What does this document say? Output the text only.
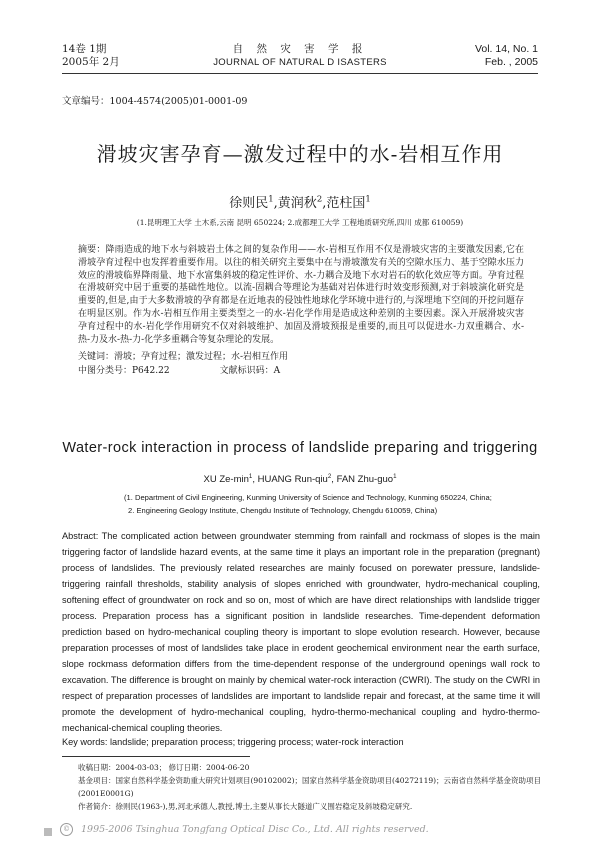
14卷 1期
2005年 2月
自 然 灾 害 学 报
JOURNAL OF NATURAL D ISASTERS
Vol. 14, No. 1
Feb. , 2005
文章编号：1004-4574(2005)01-0001-09
滑坡灾害孕育—激发过程中的水-岩相互作用
徐则民$^1$,黄润秋$^2$,范柱国$^1$
(1.昆明理工大学 土木系,云南 昆明 650224; 2.成都理工大学 工程地质研究所,四川 成都 610059)
摘要：降雨造成的地下水与斜坡岩土体之间的复杂作用——水-岩相互作用不仅是滑坡灾害的主要激发因素,它在滑坡孕育过程中也发挥着重要作用。以往的相关研究主要集中在与滑坡激发有关的空隙水压力、基于空隙水压力效应的滑坡临界降雨量、地下水富集斜坡的稳定性评价、水-力耦合及地下水对岩石的软化效应等方面。孕育过程在滑坡研究中居于重要的基础性地位。以流-固耦合等理论为基础对岩体进行时效变形预测,对于斜坡演化研究是重要的,但是,由于大多数滑坡的孕育都是在近地表的侵蚀性地球化学环境中进行的,与深埋地下空间的开挖问题存在明显区别。作为水-岩相互作用主要类型之一的水-岩化学作用是造成这种差别的主要因素。深入开展滑坡灾害孕育过程中的水-岩化学作用研究不仅对斜坡维护、加固及滑坡预报是重要的,而且可以促进水-力双重耦合、水-热-力及水-热-力-化学多重耦合等复杂理论的发展。
关键词：滑坡；孕育过程；激发过程；水-岩相互作用
中图分类号：P642.22	文献标识码：A
Water-rock interaction in process of landslide preparing and triggering
XU $Ze-\min^1$, HUANG Run-qiu$^2$, FAN Zhu-guo$^1$
(1. Department of Civil Engineering, Kunming University of Science and Technology, Kunming 650224, China;
2. Engineering Geology Institute, Chengdu Institute of Technology, Chengdu 610059, China)
Abstract: The complicated action between groundwater stemming from rainfall and rockmass of slopes is the main triggering factor of landslide hazard events, at the same time it plays an important role in the preparation (pregnant) process of landslides. The previously related researches are mainly focused on porewater pressure, landslide-triggering rainfall thresholds, stability analysis of slopes enriched with groundwater, hydro-mechanical coupling, softening effect of groundwater on rock and so on, most of which are have direct relationships with landslide trigger process. Preparation process has a significant position in landslide researches. Time-dependent deformation prediction based on hydro-mechanical coupling theory is important to slope evolution research. However, because preparation processes of most of landslides take place in erodent geochemical environment near the earth surface, slope rockmass deformation differs from the time-dependent response of the underground openings wall rock to excavation. The difference is brought on mainly by chemical water-rock interaction (CWRI). The study on the CWRI in respect of preparation processes of landslides are important to landslide repair and forecast, at the same time it will promote the development of hydro-mechanical coupling, hydro-thermo-mechanical coupling and hydro-thermo-mechanical-chemical coupling theories.
Key words: landslide; preparation process; triggering process; water-rock interaction
收稿日期：2004-03-03； 修订日期：2004-06-20
基金项目：国家自然科学基金资助重大研究计划项目(90102002)；国家自然科学基金资助项目(40272119)；云南省自然科学基金资助项目(2001E0001G)
作者简介：徐则民(1963-),男,河北承德人,教授,博士,主要从事长大隧道广义围岩稳定及斜坡稳定研究.
© 1995-2006 Tsinghua Tongfang Optical Disc Co., Ltd. All rights reserved.
